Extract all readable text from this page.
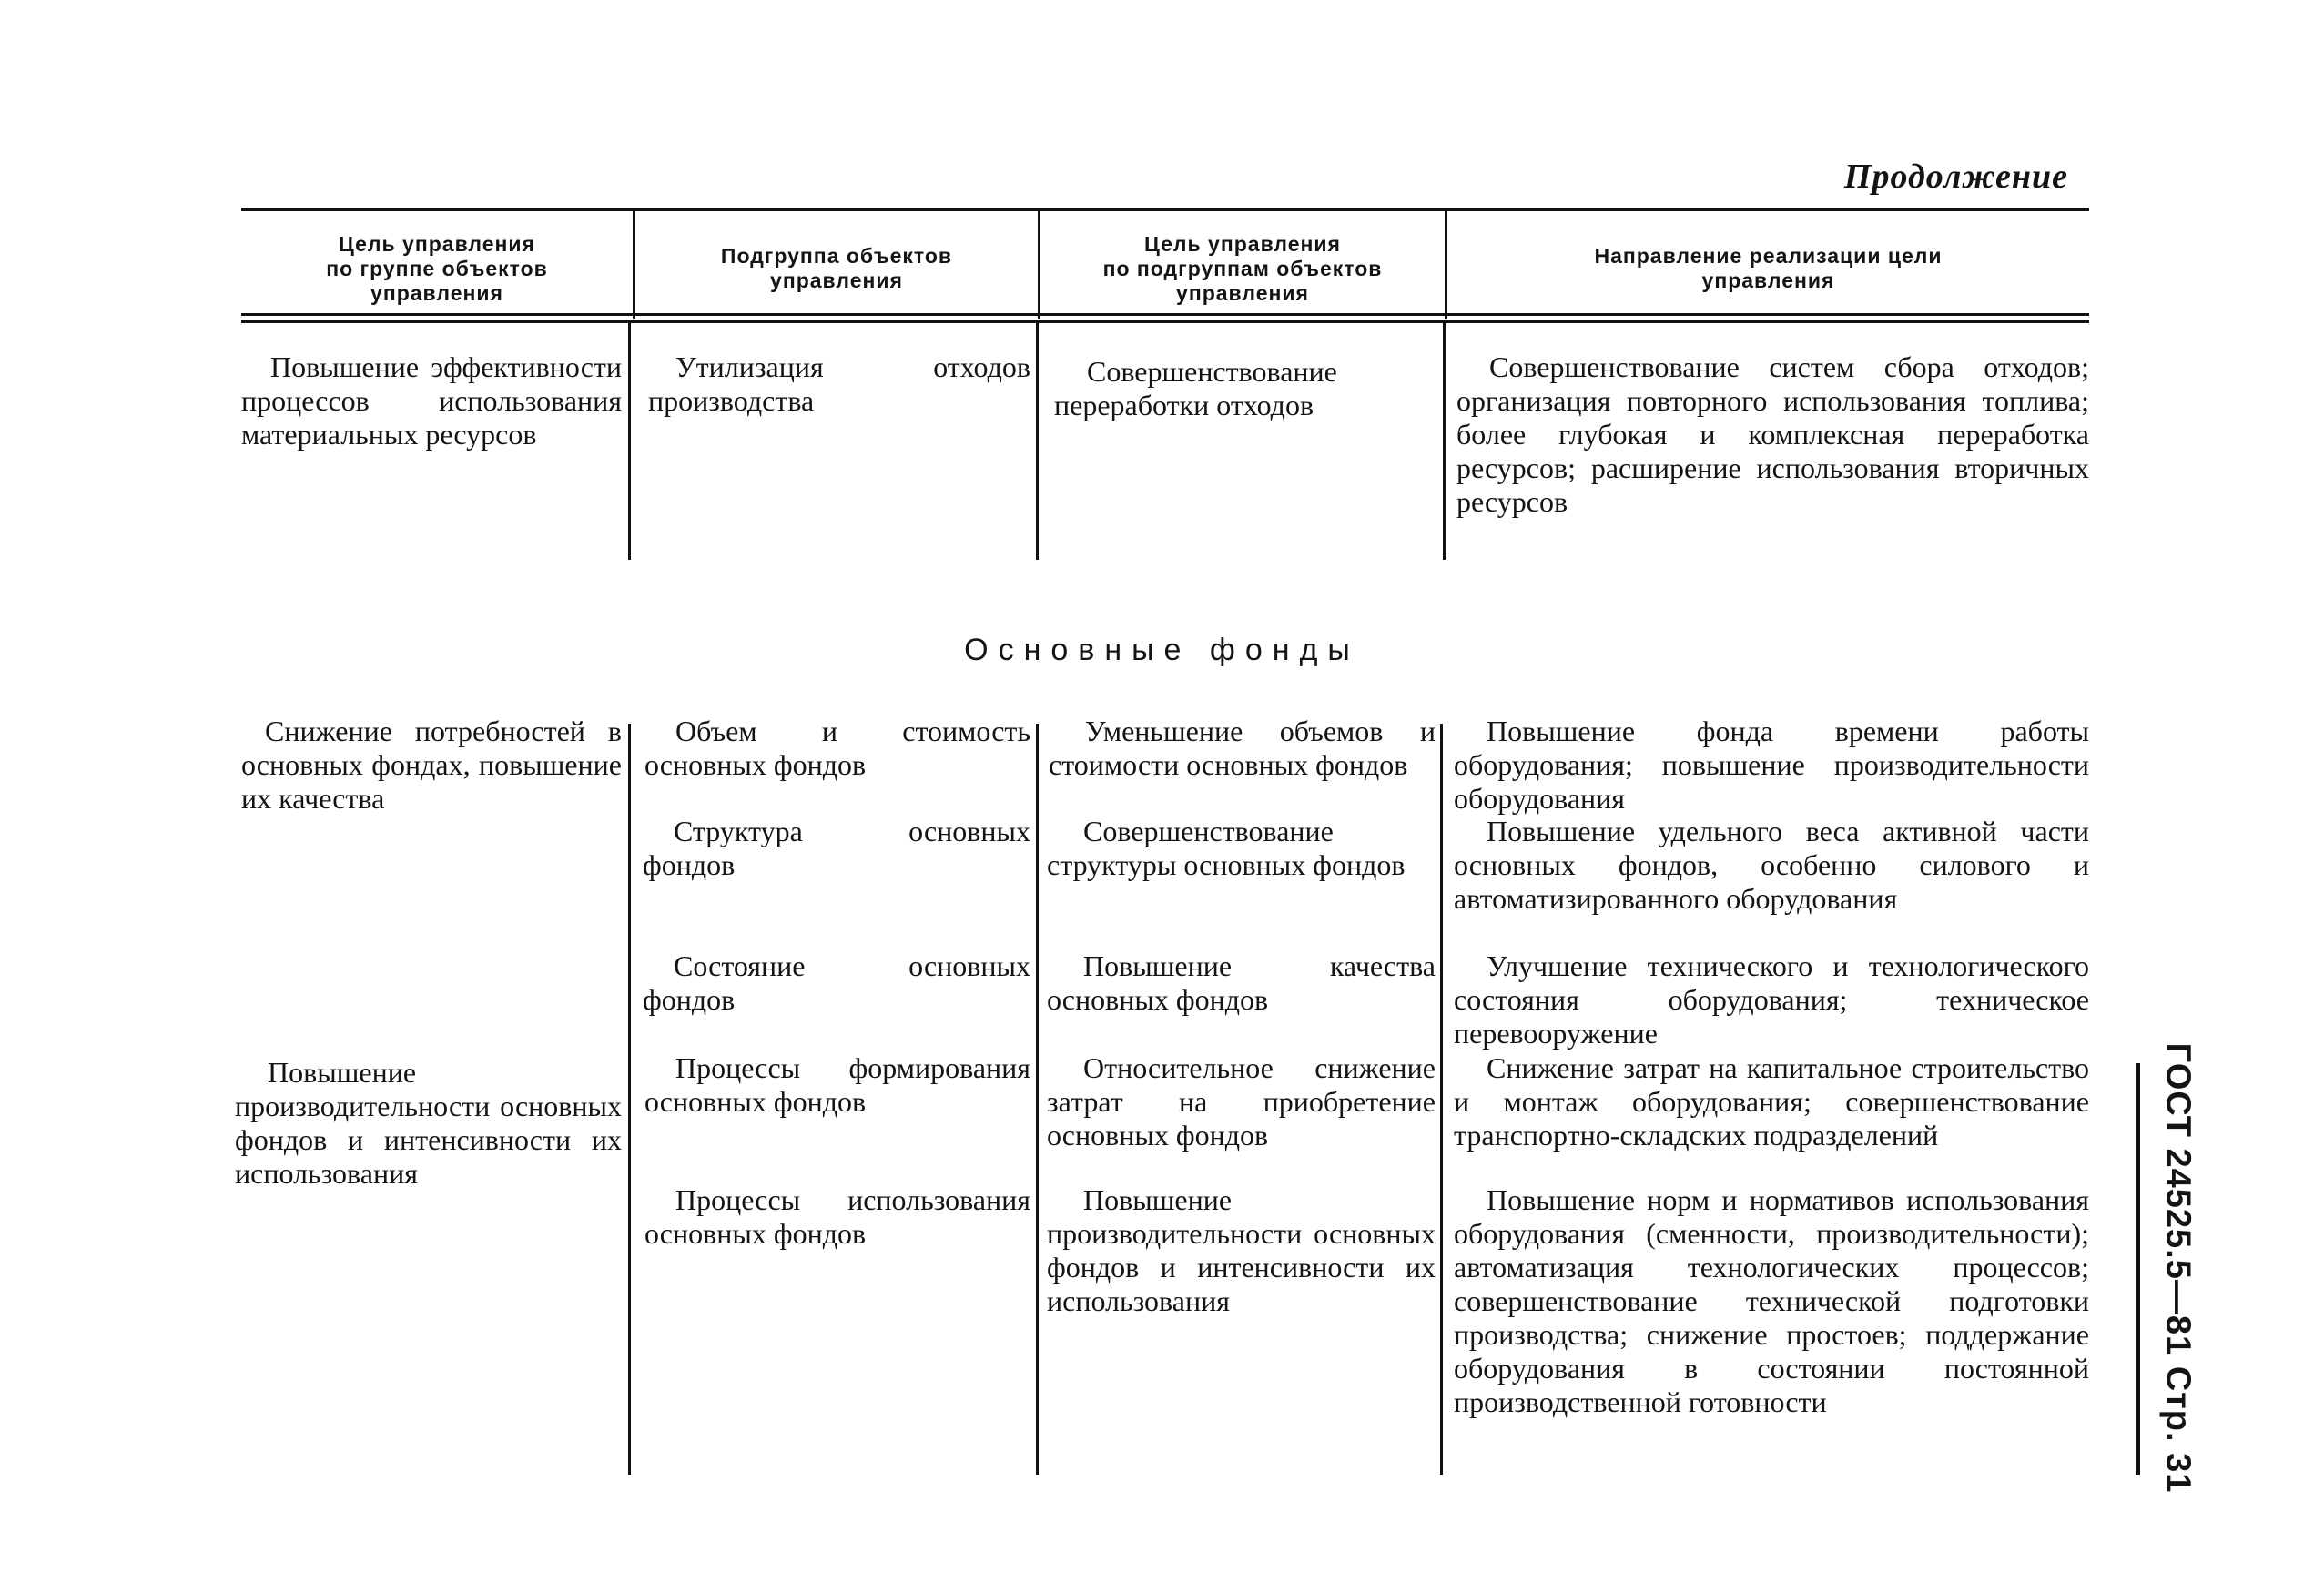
Продолжение
Цель управления
по группе объектов
управления
Подгруппа объектов
управления
Цель управления
по подгруппам объектов
управления
Направление реализации цели
управления
Повышение эффективности процессов использования материальных ресурсов
Утилизация отходов производства
Совершенствование переработки отходов
Совершенствование систем сбора отходов; организация повторного использования топлива; более глубокая и комплексная переработка ресурсов; расширение использования вторичных ресурсов
Основные фонды
Снижение потребностей в основных фондах, повышение их качества
Повышение производительности основных фондов и интенсивности их использования
Объем и стоимость основных фондов
Уменьшение объемов и стоимости основных фондов
Повышение фонда времени работы оборудования; повышение производительности оборудования
Структура основных фондов
Совершенствование структуры основных фондов
Повышение удельного веса активной части основных фондов, особенно силового и автоматизированного оборудования
Состояние основных фондов
Повышение качества основных фондов
Улучшение технического и технологического состояния оборудования; техническое перевооружение
Процессы формирования основных фондов
Относительное снижение затрат на приобретение основных фондов
Снижение затрат на капитальное строительство и монтаж оборудования; совершенствование транспортно-складских подразделений
Процессы использования основных фондов
Повышение производительности основных фондов и интенсивности их использования
Повышение норм и нормативов использования оборудования (сменности, производительности); автоматизация технологических процессов; совершенствование технической подготовки производства; снижение простоев; поддержание оборудования в состоянии постоянной производственной готовности	ГОСТ 24525.5—81 Стр. 31
